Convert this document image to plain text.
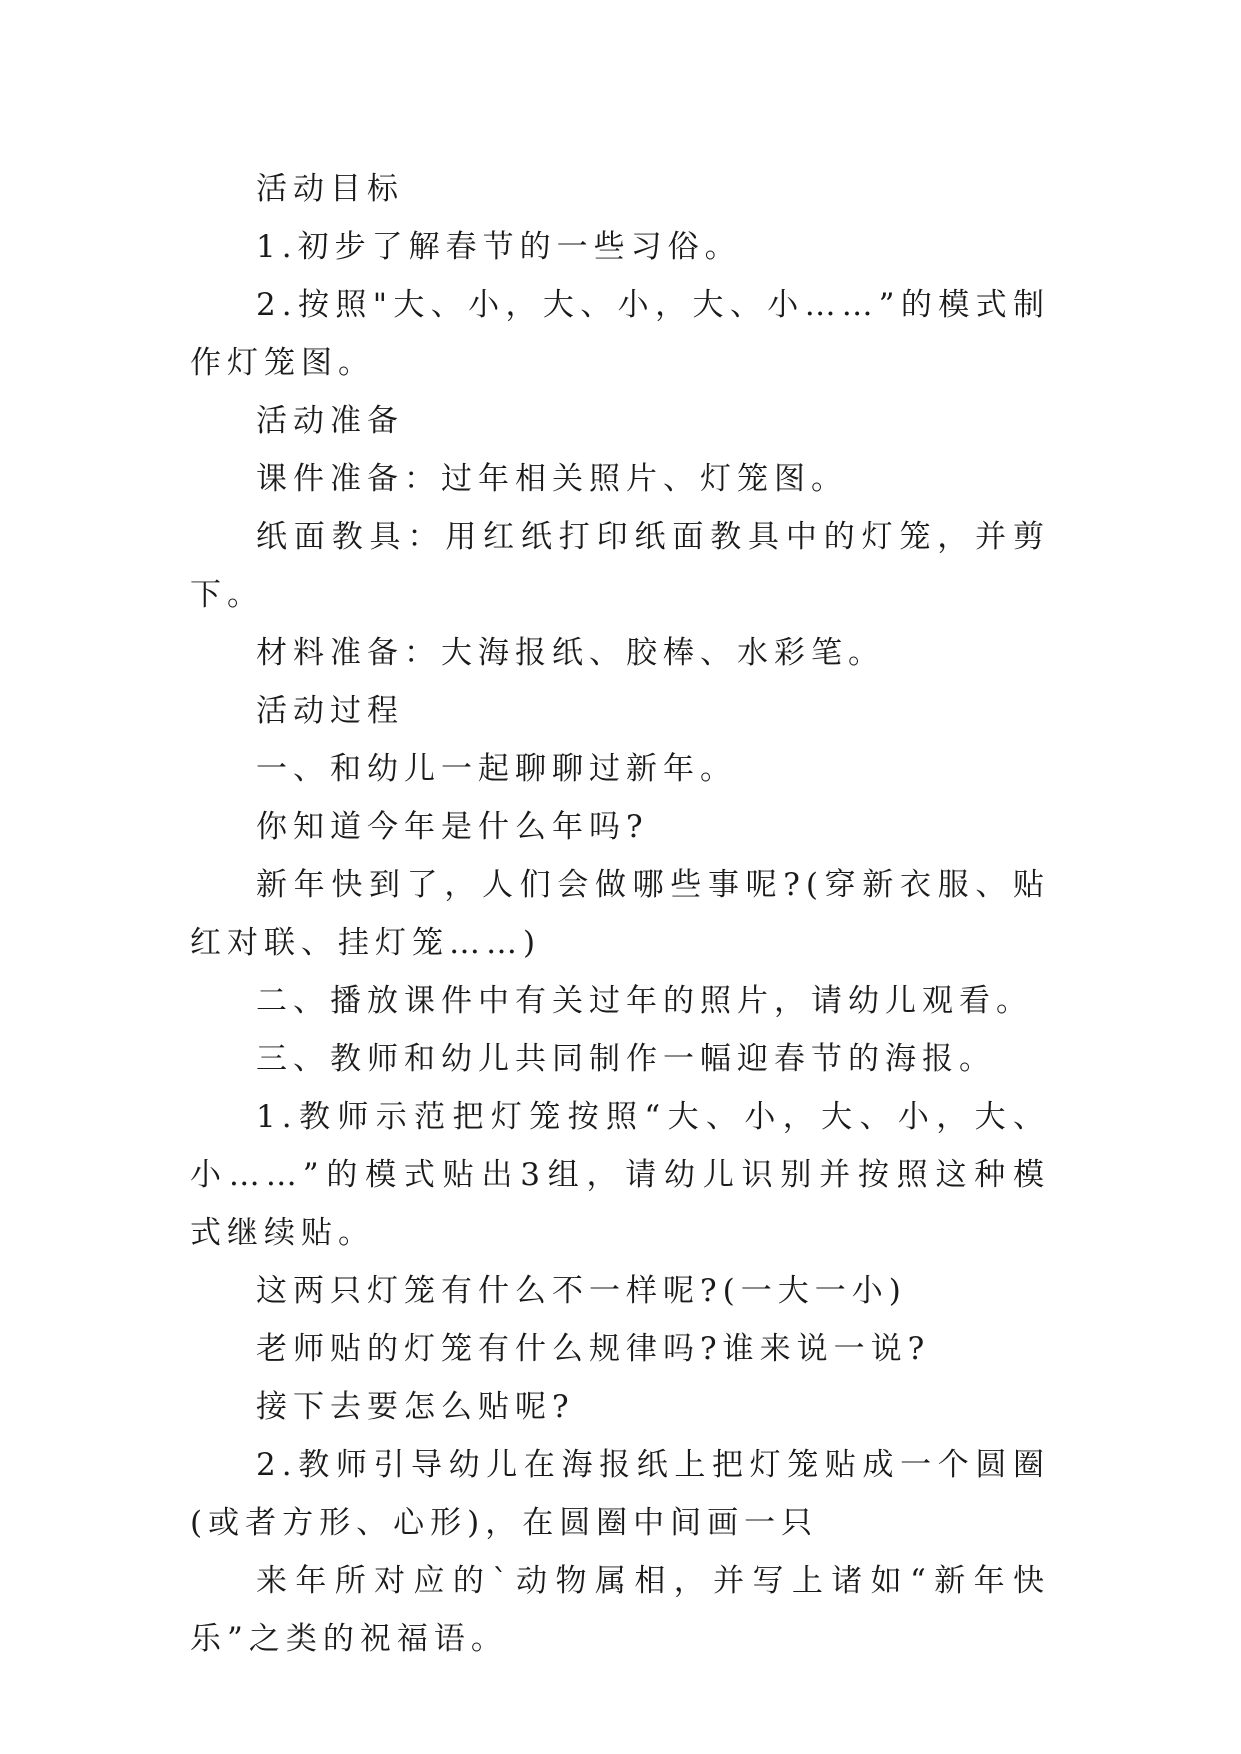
活动目标

1.初步了解春节的一些习俗。

2.按照"大、小，大、小，大、小……”的模式制作灯笼图。

活动准备

课件准备：过年相关照片、灯笼图。

纸面教具：用红纸打印纸面教具中的灯笼，并剪下。

材料准备：大海报纸、胶棒、水彩笔。

活动过程

一、和幼儿一起聊聊过新年。

你知道今年是什么年吗?

新年快到了，人们会做哪些事呢?(穿新衣服、贴红对联、挂灯笼……)

二、播放课件中有关过年的照片，请幼儿观看。

三、教师和幼儿共同制作一幅迎春节的海报。

1.教师示范把灯笼按照“大、小，大、小，大、小……”的模式贴出3组，请幼儿识别并按照这种模式继续贴。

这两只灯笼有什么不一样呢?(一大一小)

老师贴的灯笼有什么规律吗?谁来说一说?

接下去要怎么贴呢?

2.教师引导幼儿在海报纸上把灯笼贴成一个圆圈(或者方形、心形)，在圆圈中间画一只

来年所对应的`动物属相，并写上诸如“新年快乐”之类的祝福语。
